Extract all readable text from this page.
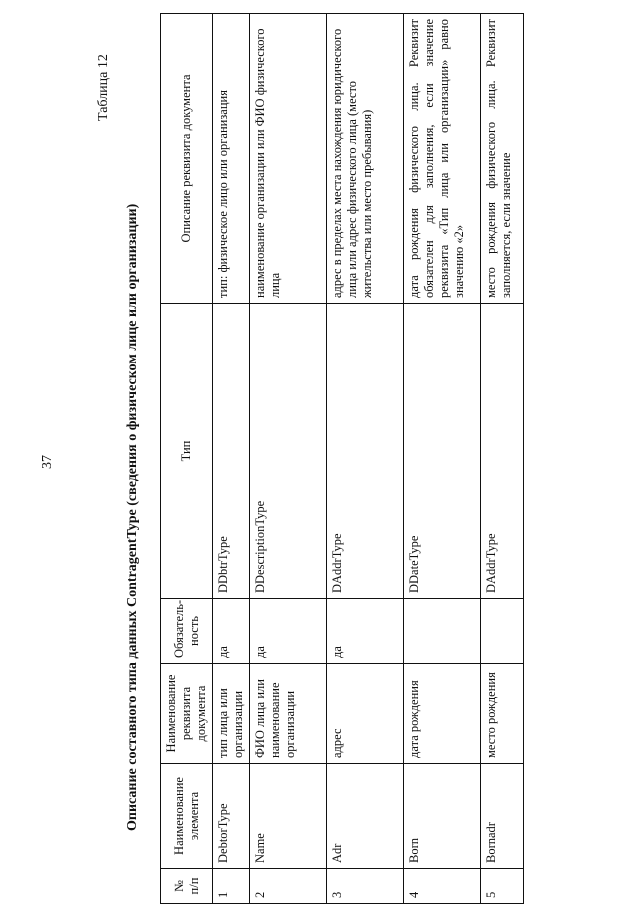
37
Таблица 12
Описание составного типа данных ContragentType (сведения о физическом лице или организации)
№ п/п	Наименование элемента	Наименование реквизита документа	Обязатель-ность	Тип	Описание реквизита документа
1	DebtorType	тип лица или организации	да	DDbtrType	тип: физическое лицо или организация
2	Name	ФИО лица или наименование организации	да	DDescriptionType	наименование организации или ФИО физического лица
3	Adr	адрес	да	DAddrType	адрес в пределах места нахождения юридического лица или адрес физического лица (место жительства или место пребывания)
4	Born	дата рождения		DDateType	дата рождения физического лица. Реквизит обязателен для заполнения, если значение реквизита «Тип лица или организации» равно значению «2»
5	Bornadr	место рождения		DAddrType	место рождения физического лица. Реквизит заполняется, если значение
